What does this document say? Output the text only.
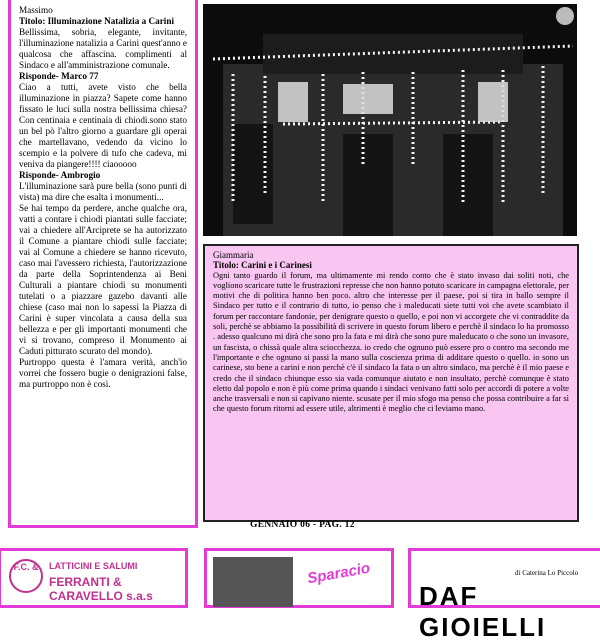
Massimo

Titolo: Illuminazione Natalizia a Carini

Bellissima, sobria, elegante, invitante, l'illuminazione natalizia a Carini quest'anno e qualcosa che affascina. complimenti al Sindaco e all'amministrazione comunale.

Risponde- Marco 77

Ciao a tutti, avete visto che bella illuminazione in piazza? Sapete come hanno fissato le luci sulla nostra bellissima chiesa? Con centinaia e centinaia di chiodi.sono stato un bel pò l'altro giorno a guardare gli operai che martellavano, vedendo da vicino lo scempio e la polvere di tufo che cadeva, mi veniva da piangere!!!! ciaooooo

Risponde- Ambrogio

L'illuminazione sarà pure bella (sono punti di vista) ma dire che esalta i monumenti...

Se hai tempo da perdere, anche qualche ora, vatti a contare i chiodi piantati sulle facciate; vai a chiedere all'Arciprete se ha autorizzato il Comune a piantare chiodi sulle facciate; vai al Comune a chiedere se hanno ricevuto, caso mai l'avessero richiesta, l'autorizzazione da parte della Soprintendenza ai Beni Culturali a piantare chiodi su monumenti tutelati o a piazzare gazebo davanti alle chiese (caso mai non lo sapessi la Piazza di Carini è super vincolata a causa della sua bellezza e per gli importanti monumenti che vi si trovano, compreso il Monumento ai Caduti pitturato scurato del mondo).

Purtroppo questa è l'amara verità, anch'io vorrei che fossero bugie o denigrazioni false, ma purtroppo non è così.

Giammaria

Titolo: Carini e i Carinesi

Ogni tanto guardo il forum, ma ultimamente mi rendo conto che è stato invaso dai soliti noti, che vogliono scaricare tutte le frustrazioni represse che non hanno potuto scaricare in campagna elettorale, per motivi che di politica hanno ben poco. altro che interesse per il paese, poi si tira in ballo sempre il Sindaco per tutto e il contrario di tutto, io penso che i maleducati siete tutti voi che avete scambiato il forum per raccontare fandonie, per denigrare questo o quello, e poi non vi accorgete che vi contraddite da soli, perchè se abbiamo la possibilità di scrivere in questo forum libero e perchè il sindaco lo ha promosso . adesso qualcuno mi dirà che sono pro la fata e mi dirà che sono pure maleducato o che sono un invasore, un fascista, o chissà quale altra sciocchezza. io credo che ognuno può essere pro o contro ma secondo me l'importante e che ognuno si passi la mano sulla coscienza prima di additare questo o quello. io sono un carinese, sto bene a carini e non perchè c'è il sindaco la fata o un altro sindaco, ma perchè è il mio paese e credo che il sindaco chiunque esso sia vada comunque aiutato e non insultato, perchè comunque è stato eletto dal popolo e non è più come prima quando i sindaci venivano fatti solo per accordi di potere a volte anche trasversali e non si capivano niente. scusate per il mio sfogo ma penso che possa contribuire a far sì che questo forum ritorni ad essere utile, altrimenti è meglio che ci leviamo mano.

GENNAIO 06 - PAG. 12
F.C. &	LATTICINI E SALUMI
FERRANTI & CARAVELLO s.a.s
Sparacio	di Caterina Lo Piccolo
DAF GIOIELLI
